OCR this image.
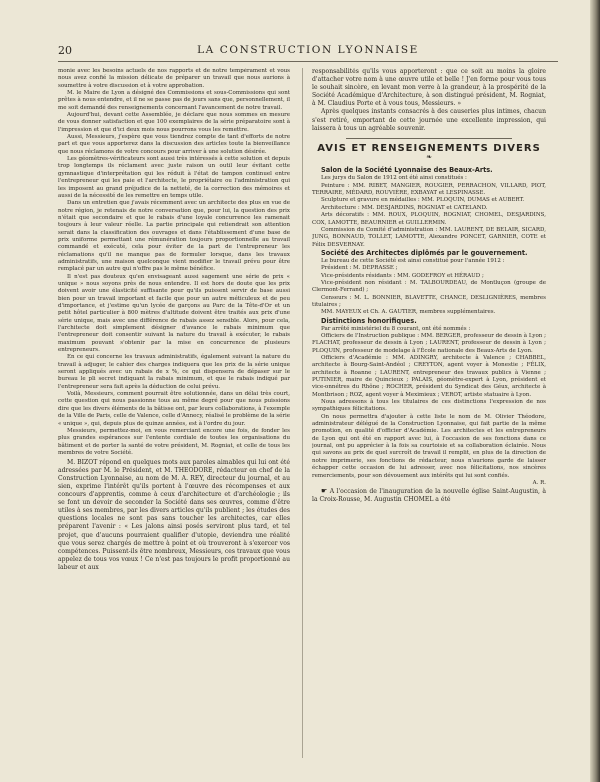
20	LA CONSTRUCTION LYONNAISE

monie avec les besoins actuels de nos rapports et de notre tempérament et vous nous avez confié la mission délicate de préparer un travail que nous aurions à soumettre à votre discussion et à votre approbation.

M. le Maire de Lyon a désigné des Commissions et sous-Commissions qui sont prêtes à nous entendre, et il ne se passe pas de jours sans que, personnellement, il me soit demandé des renseignements concernant l'avancement de notre travail.

Aujourd'hui, devant cette Assemblée, je déclare que nous sommes en mesure de vous donner satisfaction et que 100 exemplaires de la série préparatoire sont à l'impression et que d'ici deux mois nous pourrons vous les remettre.

Aussi, Messieurs, j'espère que vous tiendrez compte de tant d'efforts de notre part et que vous apporterez dans la discussion des articles toute la bienveillance que nous réclamons de votre concours pour arriver à une solution désirée.

Les géomètres-vérificateurs sont aussi très intéressés à cette solution et depuis trop longtemps ils réclament avec juste raison un outil leur évitant cette gymnastique d'interprétation qui les réduit à l'état de tampon continuel entre l'entrepreneur qui les paie et l'architecte, le propriétaire ou l'administration qui les imposent au grand préjudice de la netteté, de la correction des mémoires et aussi de la nécessité de les remettre en temps utile.

Dans un entretien que j'avais récemment avec un architecte des plus en vue de notre région, je retenais de notre conversation que, pour lui, la question des prix n'était que secondaire et que le rabais d'une loyale concurrence les ramenait toujours à leur valeur réelle. La partie principale qui retiendrait son attention serait dans la classification des ouvrages et dans l'établissement d'une base de prix uniforme permettant une rémunération toujours proportionnelle au travail commandé et exécuté, cela pour éviter de la part de l'entrepreneur les réclamations qu'il ne manque pas de formuler lorsque, dans les travaux administratifs, une maison quelconque vient modifier le travail prévu pour être remplacé par un autre qui n'offre pas le même bénéfice.

Il n'est pas douteux qu'en envisageant aussi sagement une série de prix « unique » nous soyons près de nous entendre. Il est hors de doute que les prix doivent avoir une élasticité suffisante pour qu'ils puissent servir de base aussi bien pour un travail important et facile que pour un autre méticuleux et de peu d'importance, et j'estime qu'un lycée de garçons au Parc de la Tête-d'Or et un petit hôtel particulier à 800 mètres d'altitude doivent être traités aux prix d'une série unique, mais avec une différence de rabais assez sensible. Alors, pour cela, l'architecte doit simplement désigner d'avance le rabais minimum que l'entrepreneur doit consentir suivant la nature du travail à exécuter, le rabais maximum pouvant s'obtenir par la mise en concurrence de plusieurs entrepreneurs.

En ce qui concerne les travaux administratifs, également suivant la nature du travail à adjuger, le cahier des charges indiquera que les prix de la série unique seront appliqués avec un rabais de x %, ce qui dispensera de dépaser sur le bureau le pli secret indiquant la rabais minimum, et que le rabais indiqué par l'entrepreneur sera fait après la déduction de celui prévu.

Voilà, Messieurs, comment pourrait être solutionnée, dans un délai très court, cette question qui nous passionne tous au même degré pour que nous puissions dire que les divers éléments de la bâtisse ont, par leurs collaborations, à l'exemple de la Ville de Paris, celle de Valence, celle d'Annecy, réalisé le problème de la série « unique », qui, depuis plus de quinze années, est à l'ordre du jour.

Messieurs, permettez-moi, en vous remerciant encore une fois, de fonder les plus grandes espérances sur l'entente cordiale de toutes les organisations du bâtiment et de porter la santé de votre président, M. Rogniat, et celle de tous les membres de votre Société.

M. BIZOT répond en quelques mots aux paroles aimables qui lui ont été adressées par M. le Président, et M. THEODORE, rédacteur en chef de la Construction Lyonnaise, au nom de M. A. REY, directeur du journal, et au sien, exprime l'intérêt qu'ils portent à l'œuvre des récompenses et aux concours d'apprentis, comme à ceux d'architecture et d'archéologie ; ils se font un devoir de seconder la Société dans ses œuvres, comme d'être utiles à ses membres, par les divers articles qu'ils publient ; les études des questions locales ne sont pas sans toucher les architectes, car elles préparent l'avenir : « Les jalons ainsi posés serviront plus tard, et tel projet, que d'aucuns pourraient qualifier d'utopie, deviendra une réalité que vous serez chargés de mettre à point et où trouveront à s'exercer vos compétences. Puissent-ils être nombreux, Messieurs, ces travaux que vous appelez de tous vos vœux ! Ce n'est pas toujours le profit proportionné au labeur et aux

responsabilités qu'ils vous apporteront : que ce soit au moins la gloire d'attacher votre nom à une œuvre utile et belle ! J'en forme pour vous tous le souhait sincère, en levant mon verre à la grandeur, à la prospérité de la Société Académique d'Architecture, à son distingué président, M. Rogniat, à M. Claudius Porte et à vous tous, Messieurs. »

Après quelques instants consacrés à des causeries plus intimes, chacun s'est retiré, emportant de cette journée une excellente impression, qui laissera à tous un agréable souvenir.

AVIS ET RENSEIGNEMENTS DIVERS
❧

Salon de la Société Lyonnaise des Beaux-Arts.

Les jurys du Salon de 1912 ont été ainsi constitués :

Peinture : MM. RIBET, MANGIER, ROUGIER, PERRACHON, VILLARD, PIOT, TERRAIRE, MÉDARD, ROUVIÈRE, EXBAYAT et LESPINASSE.

Sculpture et gravure en médailles : MM. PLOQUIN, DUMAS et AUBERT.

Architecture : MM. DESJARDINS, ROGNIAT et CATELAND.

Arts décoratifs : MM. ROUX, PLOQUIN, ROGNIAT, CHOMEL, DESJARDINS, COX, LAMOTTE, BEAURNIER et GUILLERMIN.

Commission du Comité d'administration : MM. LAURENT, DE BELAIR, SICARD, JUNG, BONNAUD, TOLLET, LAMOTTE, Alexandre PONCET, GARNIER, COTE et Félix DESVERNAY.

Société des Architectes diplômés par le gouvernement.

Le bureau de cette Société est ainsi constitué pour l'année 1912 :

Président : M. DEPRASSE ;

Vice-présidents résidants : MM. GODEFROY et HÉRAUD ;

Vice-président non résidant : M. TALBOURDEAU, de Montluçon (groupe de Clermont-Ferrand) ;

Censeurs : M. L. BONNIER, BLAVETTE, CHANCE, DESLIGNIÈRES, membres titulaires ;

MM. MAYEUX et Ch. A. GAUTIER, membres supplémentaires.

Distinctions honorifiques.

Par arrêté ministériel du 8 courant, ont été nommés :

Officiers de l'Instruction publique : MM. BERGER, professeur de dessin à Lyon ; FLACHAT, professeur de dessin à Lyon ; LAURENT, professeur de dessin à Lyon ; PLOQUIN, professeur de modelage à l'École nationale des Beaux-Arts de Lyon.

Officiers d'Académie : MM. ADINGRY, architecte à Valence ; CHABBEL, architecte à Bourg-Saint-Andéol ; CREYTON, agent voyer à Monestie ; FÉLIX, architecte à Roanne ; LAURENT, entrepreneur des travaux publics à Vienne ; PUTINIER, maire de Quincieux ; PALAIS, géomètre-expert à Lyon, président et vice-onnétres du Rhône ; ROCHER, président du Syndicat des Géux, architecte à Montbrison ; ROZ, agent voyer à Meximieux ; VEROT, artiste statuaire à Lyon.

Nous adressons à tous les titulaires de ces distinctions l'expression de nos sympathiques félicitations.

On nous permettra d'ajouter à cette liste le nom de M. Olivier Théodore, administrateur délégué de la Construction Lyonnaise, qui fait partie de la même promotion, en qualité d'officier d'Académie. Les architectes et les entrepreneurs de Lyon qui ont été en rapport avec lui, à l'occasion de ses fonctions dans ce journal, ont pu apprécier à la fois sa courtoisie et sa collaboration éclairée. Nous qui savons au prix de quel surcroît de travail il remplit, en plus de la direction de notre imprimerie, ses fonctions de rédacteur, nous n'aurions garde de laisser échapper cette occasion de lui adresser, avec nos félicitations, nos sincères remerciements, pour son dévouement aux intérêts qui lui sont confiés.

A. R.

☛ A l'occasion de l'inauguration de la nouvelle église Saint-Augustin, à la Croix-Rousse, M. Augustin CHOMEL a été
